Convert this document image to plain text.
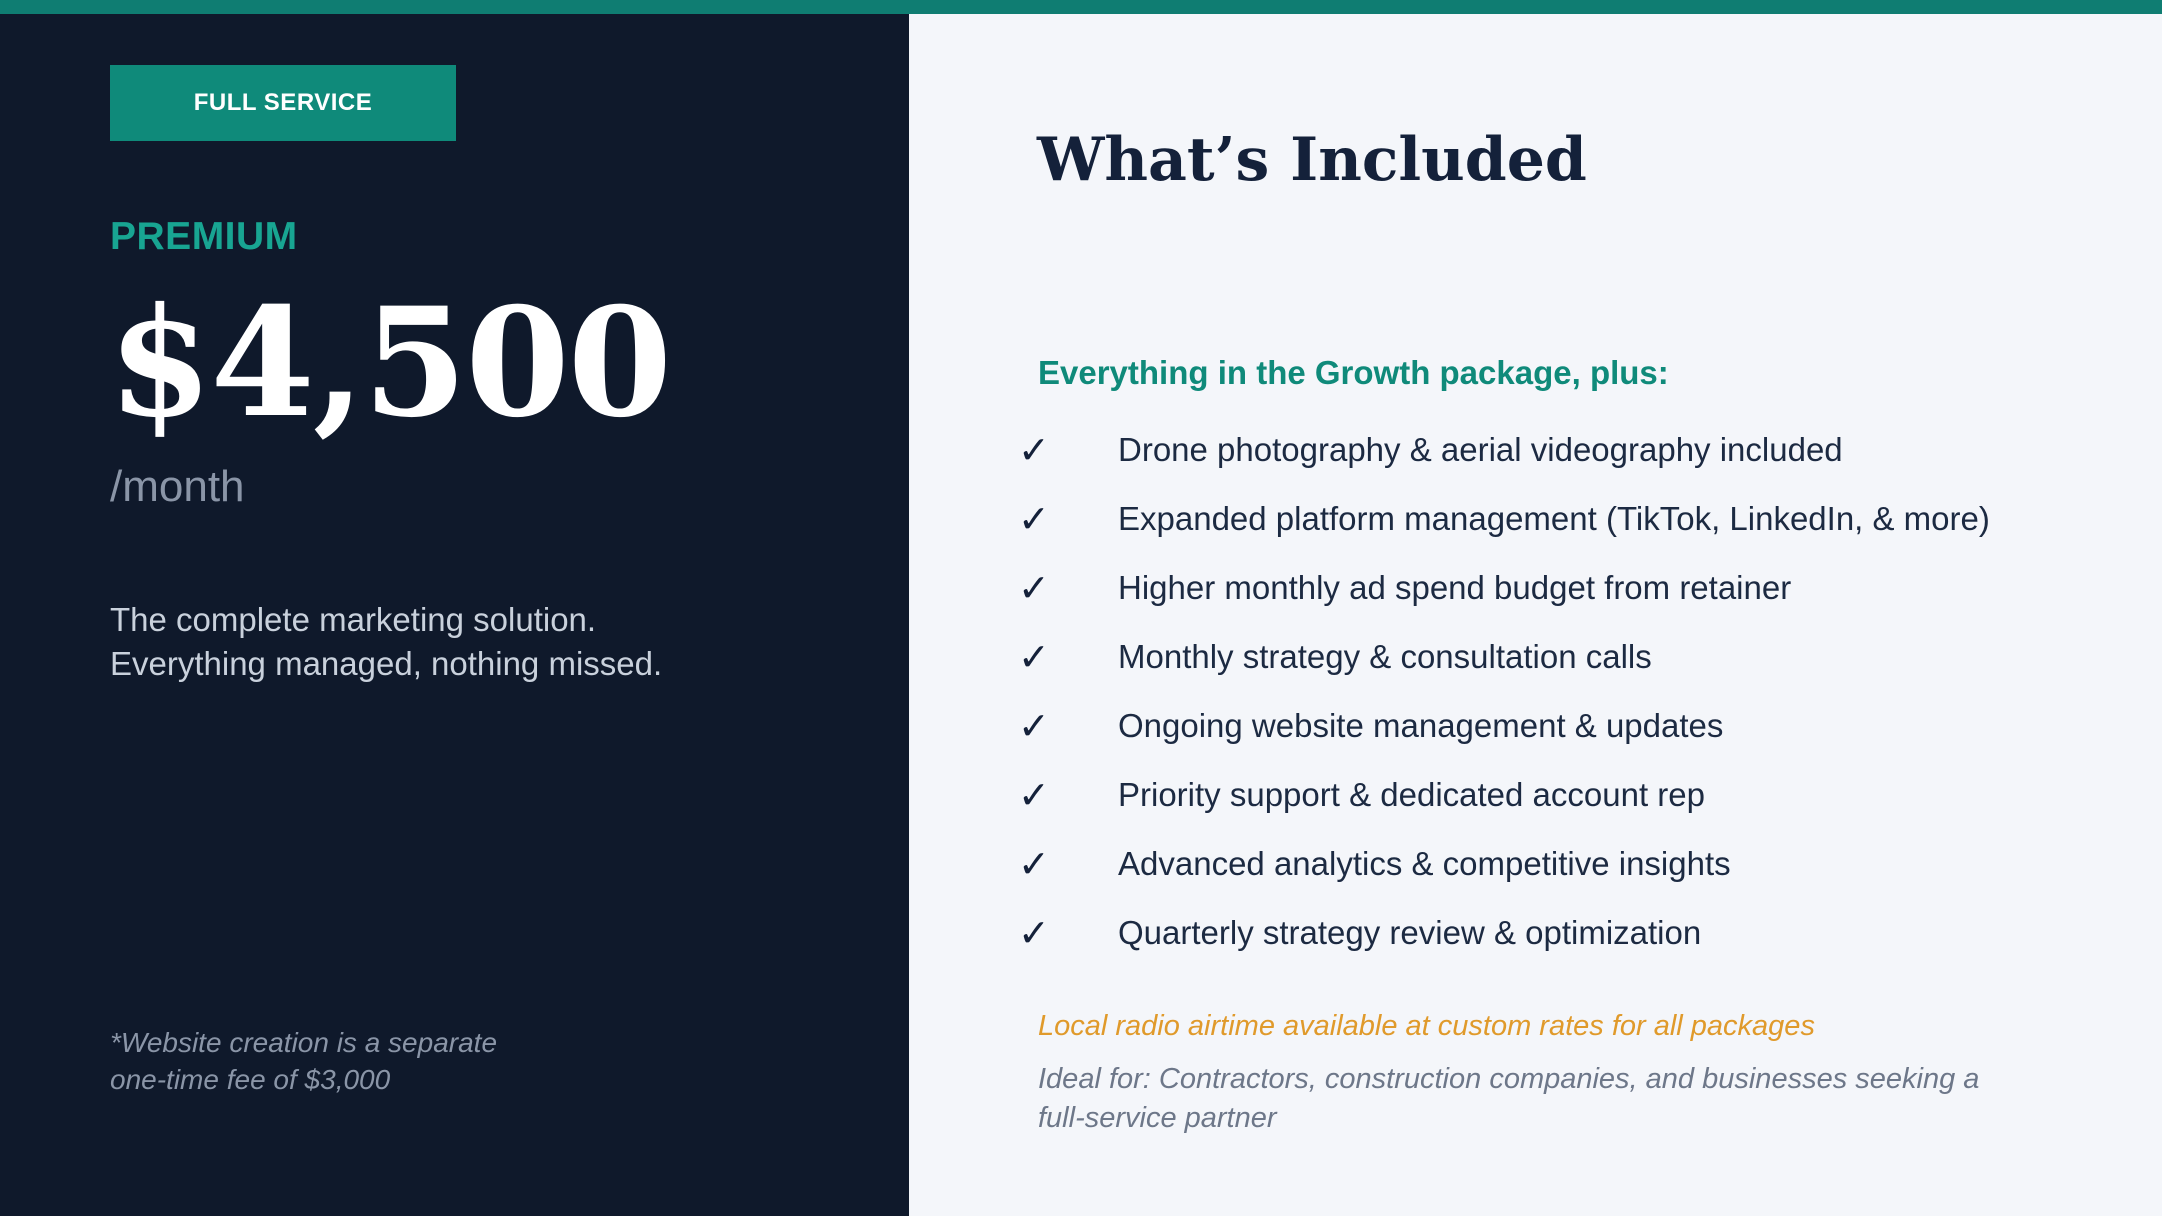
FULL SERVICE
PREMIUM
$4,500
/month
The complete marketing solution.
Everything managed, nothing missed.
*Website creation is a separate
one-time fee of $3,000
What’s Included
Everything in the Growth package, plus:
✓	Drone photography & aerial videography included
✓	Expanded platform management (TikTok, LinkedIn, & more)
✓	Higher monthly ad spend budget from retainer
✓	Monthly strategy & consultation calls
✓	Ongoing website management & updates
✓	Priority support & dedicated account rep
✓	Advanced analytics & competitive insights
✓	Quarterly strategy review & optimization
Local radio airtime available at custom rates for all packages
Ideal for: Contractors, construction companies, and businesses seeking a
full-service partner
